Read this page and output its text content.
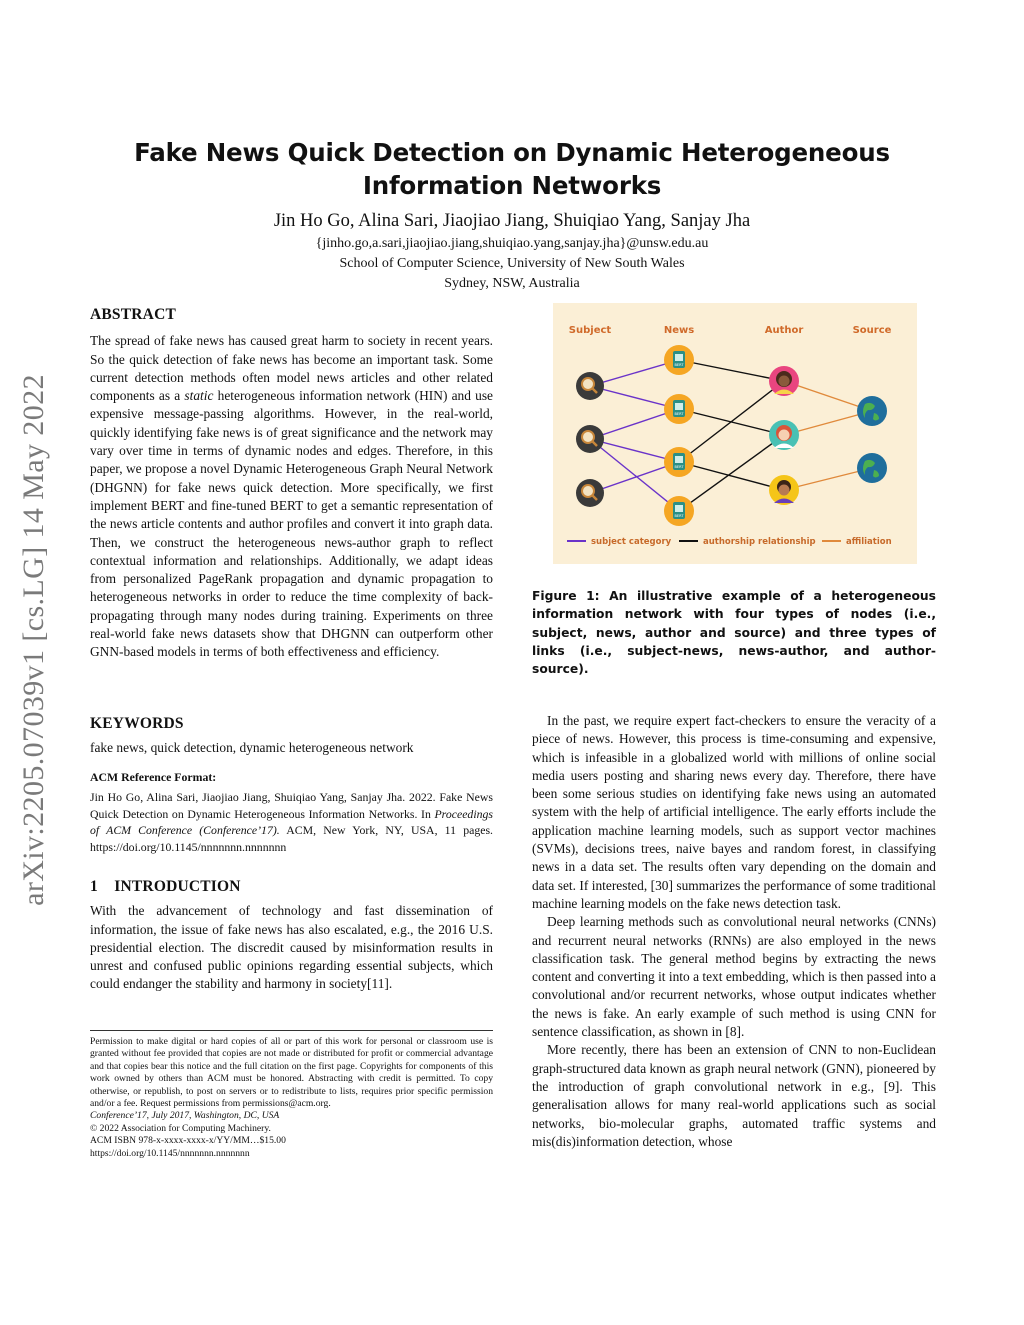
Fake News Quick Detection on Dynamic Heterogeneous
Information Networks
Jin Ho Go, Alina Sari, Jiaojiao Jiang, Shuiqiao Yang, Sanjay Jha
{jinho.go,a.sari,jiaojiao.jiang,shuiqiao.yang,sanjay.jha}@unsw.edu.au
School of Computer Science, University of New South Wales
Sydney, NSW, Australia
arXiv:2205.07039v1 [cs.LG] 14 May 2022
ABSTRACT

The spread of fake news has caused great harm to society in recent years. So the quick detection of fake news has become an important task. Some current detection methods often model news articles and other related components as a static heterogeneous information network (HIN) and use expensive message-passing algorithms. However, in the real-world, quickly identifying fake news is of great significance and the network may vary over time in terms of dynamic nodes and edges. Therefore, in this paper, we propose a novel Dynamic Heterogeneous Graph Neural Network (DHGNN) for fake news quick detection. More specifically, we first implement BERT and fine-tuned BERT to get a semantic representation of the news article contents and author profiles and convert it into graph data. Then, we construct the heterogeneous news-author graph to reflect contextual information and relationships. Additionally, we adapt ideas from personalized PageRank propagation and dynamic propagation to heterogeneous networks in order to reduce the time complexity of back-propagating through many nodes during training. Experiments on three real-world fake news datasets show that DHGNN can outperform other GNN-based models in terms of both effectiveness and efficiency.

KEYWORDS

fake news, quick detection, dynamic heterogeneous network

ACM Reference Format:

Jin Ho Go, Alina Sari, Jiaojiao Jiang, Shuiqiao Yang, Sanjay Jha. 2022. Fake News Quick Detection on Dynamic Heterogeneous Information Networks. In Proceedings of ACM Conference (Conference’17). ACM, New York, NY, USA, 11 pages. https://doi.org/10.1145/nnnnnnn.nnnnnnn

1 INTRODUCTION

With the advancement of technology and fast dissemination of information, the issue of fake news has also escalated, e.g., the 2016 U.S. presidential election. The discredit caused by misinformation results in unrest and confused public opinions regarding essential subjects, which could endanger the stability and harmony in society[11].

Permission to make digital or hard copies of all or part of this work for personal or classroom use is granted without fee provided that copies are not made or distributed for profit or commercial advantage and that copies bear this notice and the full citation on the first page. Copyrights for components of this work owned by others than ACM must be honored. Abstracting with credit is permitted. To copy otherwise, or republish, to post on servers or to redistribute to lists, requires prior specific permission and/or a fee. Request permissions from permissions@acm.org.

Conference’17, July 2017, Washington, DC, USA

© 2022 Association for Computing Machinery.

ACM ISBN 978-x-xxxx-xxxx-x/YY/MM…$15.00

https://doi.org/10.1145/nnnnnnn.nnnnnnn

Subject	News	Author	Source
BERT
BERT
BERT
BERT
subject category	authorship relationship	affiliation
Figure 1: An illustrative example of a heterogeneous information network with four types of nodes (i.e., subject, news, author and source) and three types of links (i.e., subject-news, news-author, and author-source).

In the past, we require expert fact-checkers to ensure the veracity of a piece of news. However, this process is time-consuming and expensive, which is infeasible in a globalized world with millions of online social media users posting and sharing news every day. Therefore, there have been some serious studies on identifying fake news using an automated system with the help of artificial intelligence. The early efforts include the application machine learning models, such as support vector machines (SVMs), decisions trees, naive bayes and random forest, in classifying news in a data set. The results often vary depending on the domain and data set. If interested, [30] summarizes the performance of some traditional machine learning models on the fake news detection task.

Deep learning methods such as convolutional neural networks (CNNs) and recurrent neural networks (RNNs) are also employed in the news classification task. The general method begins by extracting the news content and converting it into a text embedding, which is then passed into a convolutional and/or recurrent networks, whose output indicates whether the news is fake. An early example of such method is using CNN for sentence classification, as shown in [8].

More recently, there has been an extension of CNN to non-Euclidean graph-structured data known as graph neural network (GNN), pioneered by the introduction of graph convolutional network in e.g., [9]. This generalisation allows for many real-world applications such as social networks, bio-molecular graphs, automated traffic systems and mis(dis)information detection, whose
